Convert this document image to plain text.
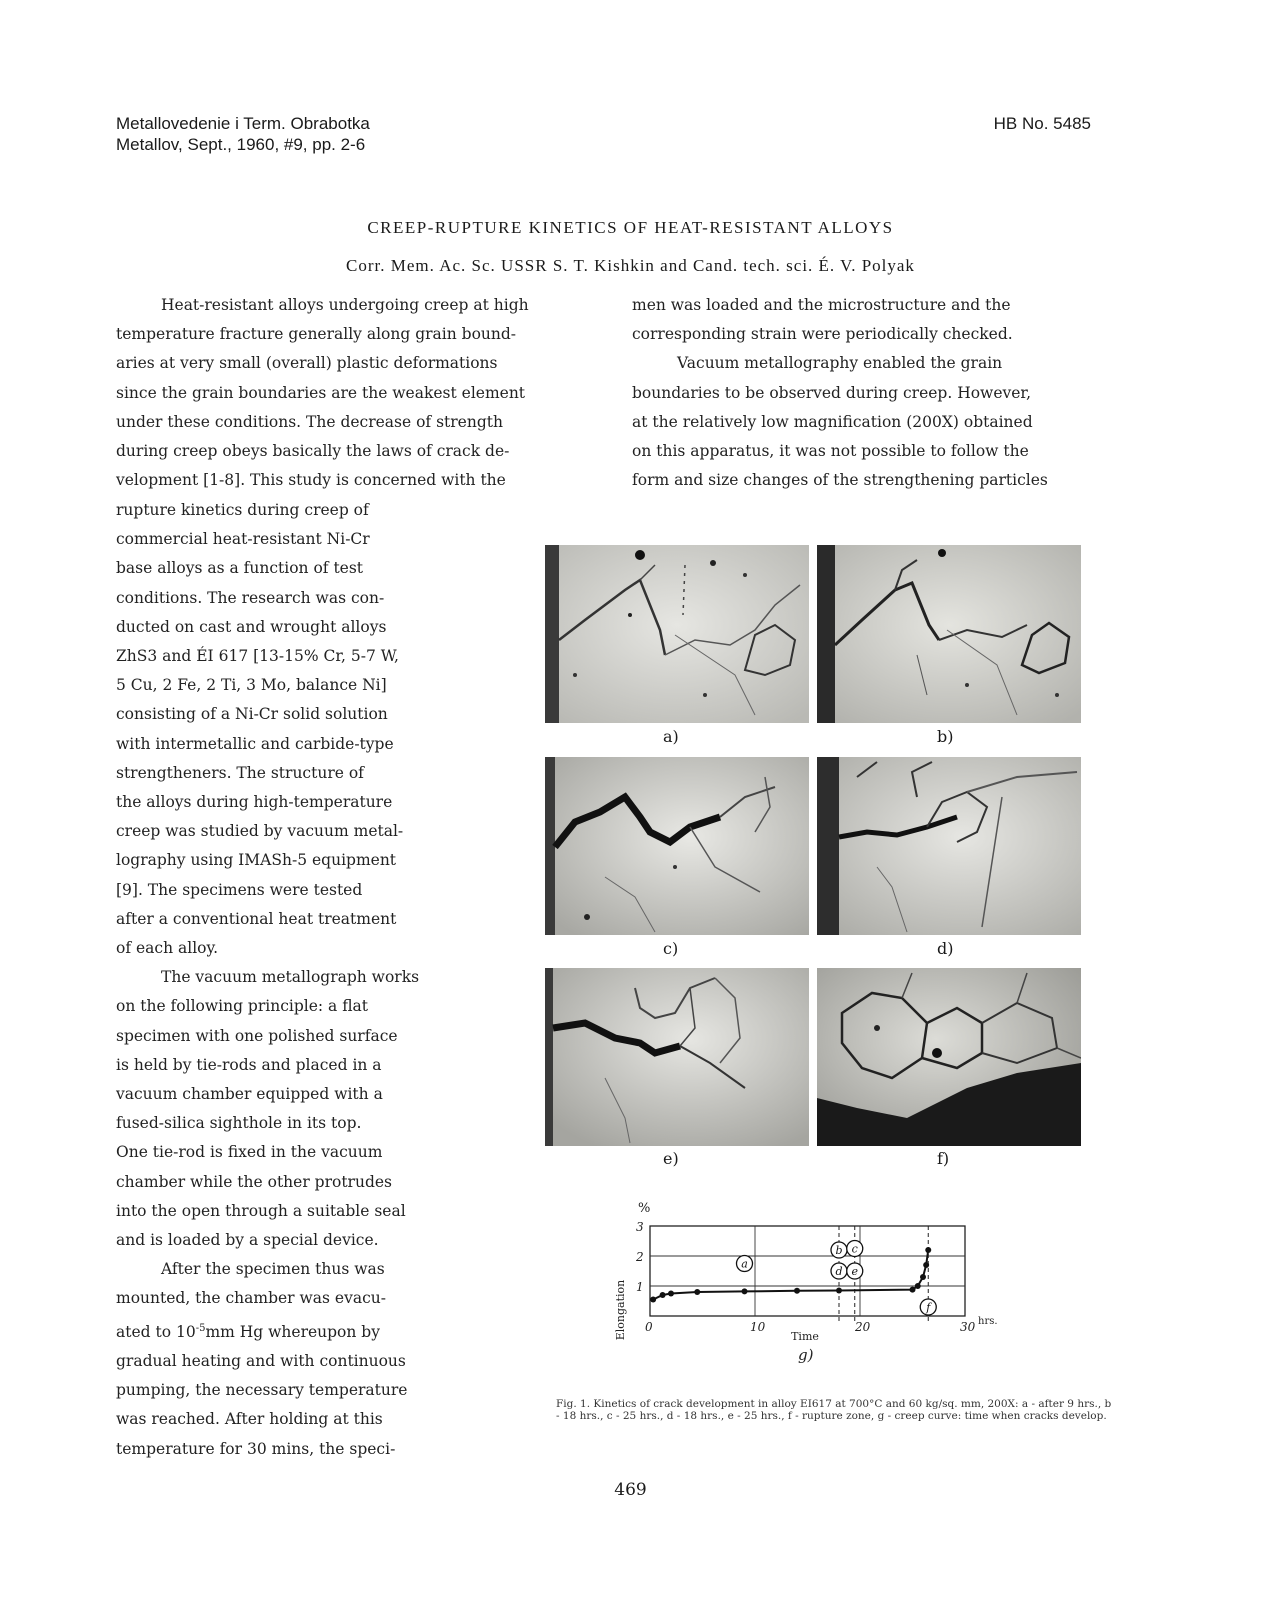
Metallovedenie i Term. Obrabotka
Metallov, Sept., 1960, #9, pp. 2-6
HB No. 5485
CREEP-RUPTURE KINETICS OF HEAT-RESISTANT ALLOYS
Corr. Mem. Ac. Sc. USSR S. T. Kishkin and Cand. tech. sci. É. V. Polyak
Heat-resistant alloys undergoing creep at high
temperature fracture generally along grain bound-
aries at very small (overall) plastic deformations
since the grain boundaries are the weakest element
under these conditions. The decrease of strength
during creep obeys basically the laws of crack de-
velopment [1-8]. This study is concerned with the
rupture kinetics during creep of
commercial heat-resistant Ni-Cr
base alloys as a function of test
conditions. The research was con-
ducted on cast and wrought alloys
ZhS3 and ÉI 617 [13-15% Cr, 5-7 W,
5 Cu, 2 Fe, 2 Ti, 3 Mo, balance Ni]
consisting of a Ni-Cr solid solution
with intermetallic and carbide-type
strengtheners. The structure of
the alloys during high-temperature
creep was studied by vacuum metal-
lography using IMASh-5 equipment
[9]. The specimens were tested
after a conventional heat treatment
of each alloy.
The vacuum metallograph works
on the following principle: a flat
specimen with one polished surface
is held by tie-rods and placed in a
vacuum chamber equipped with a
fused-silica sighthole in its top.
One tie-rod is fixed in the vacuum
chamber while the other protrudes
into the open through a suitable seal
and is loaded by a special device.
After the specimen thus was
mounted, the chamber was evacu-
ated to $10^{-5}mm$ Hg whereupon by
gradual heating and with continuous
pumping, the necessary temperature
was reached. After holding at this
temperature for 30 mins, the speci-
men was loaded and the microstructure and the
corresponding strain were periodically checked.
Vacuum metallography enabled the grain
boundaries to be observed during creep. However,
at the relatively low magnification (200X) obtained
on this apparatus, it was not possible to follow the
form and size changes of the strengthening particles
a)	b)
c)	d)
e)	f)
%
Elongation 1
2
3
0	10	20	30
a
b c
d e
f
Time
hrs.
g)
Fig. 1. Kinetics of crack development in alloy EI617 at 700°C and 60 kg/sq. mm, 200X: a - after 9 hrs., b - 18 hrs., c - 25 hrs., d - 18 hrs., e - 25 hrs., f - rupture zone, g - creep curve: time when cracks develop.
469
